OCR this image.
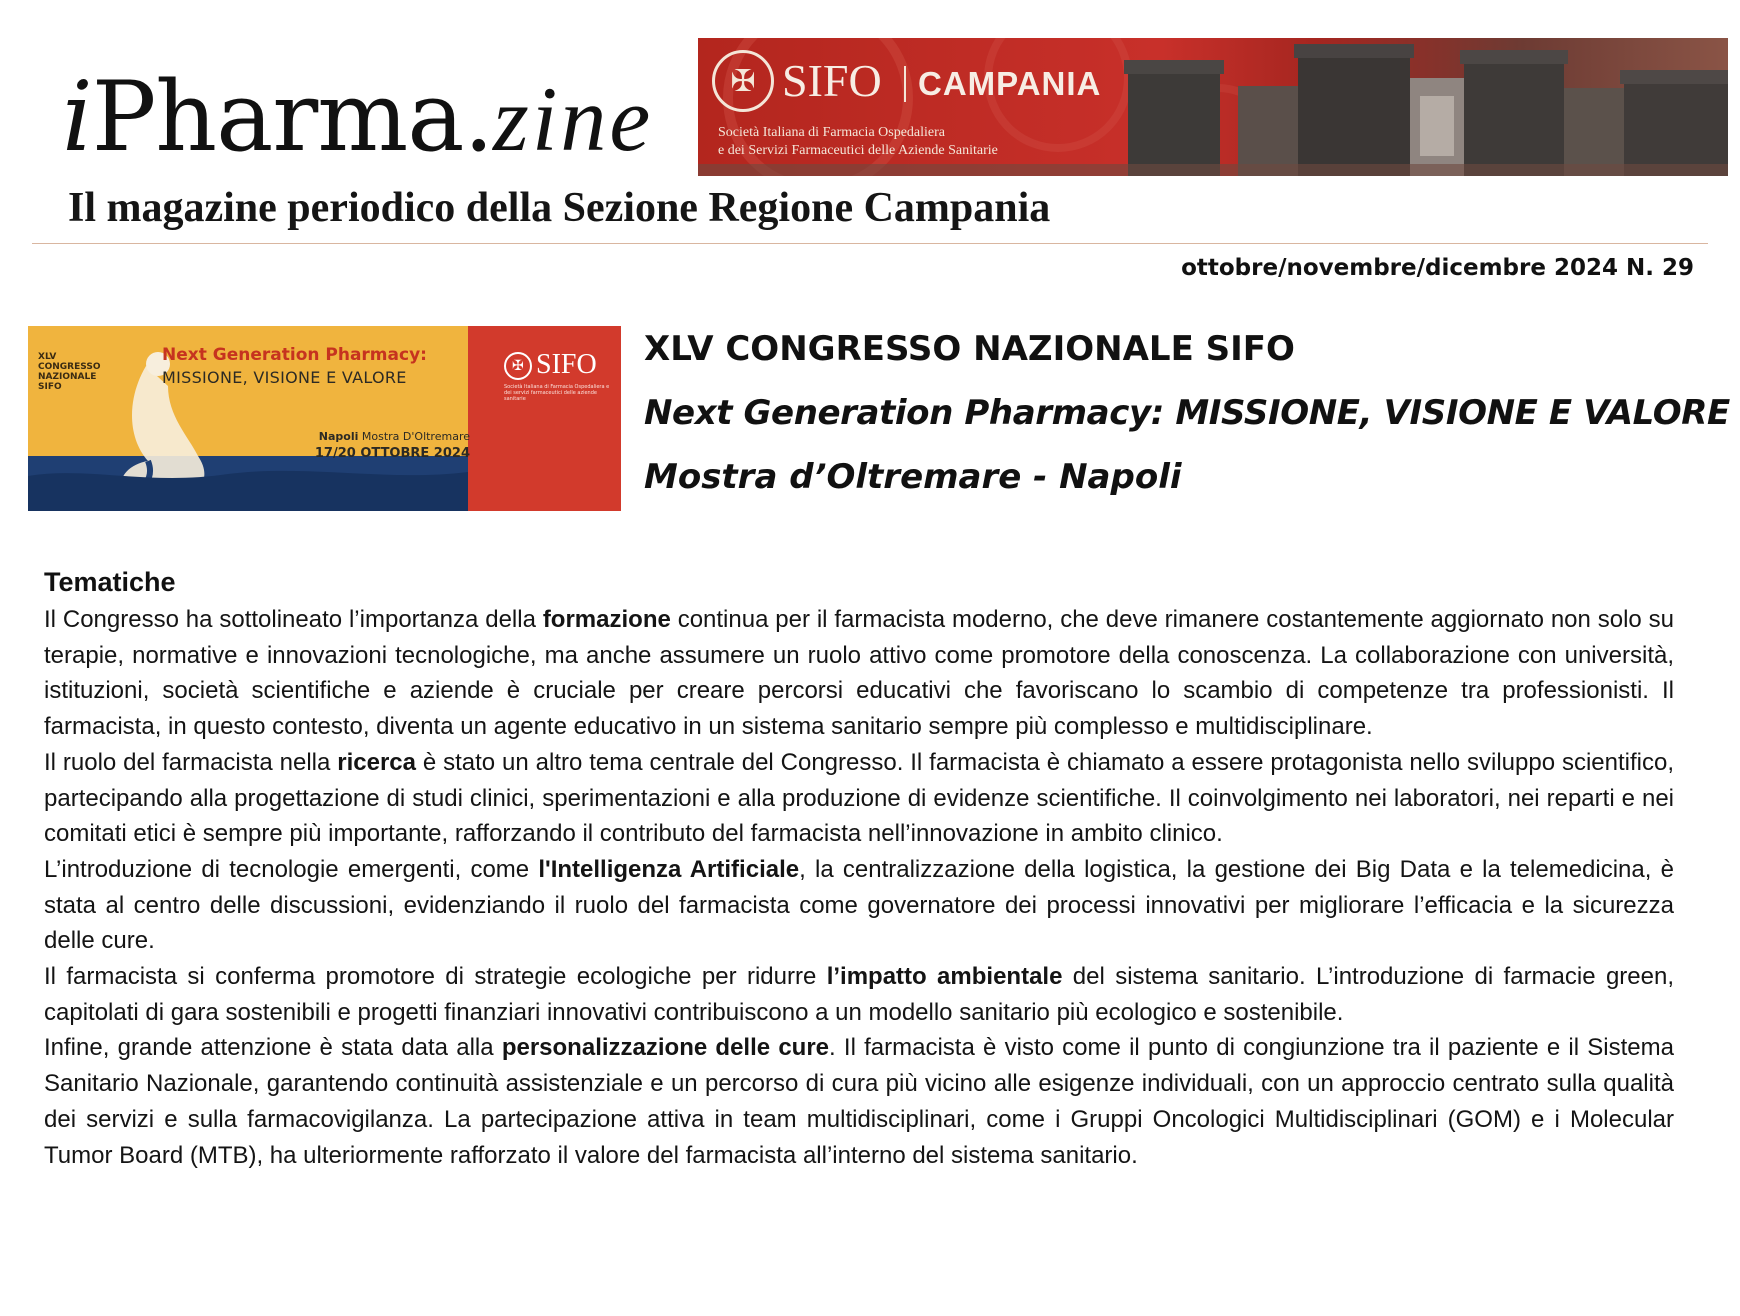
iPharma.zine	✠ SIFO	CAMPANIA
Società Italiana di Farmacia Ospedaliera
e dei Servizi Farmaceutici delle Aziende Sanitarie
Il magazine periodico della Sezione Regione Campania
ottobre/novembre/dicembre 2024 N. 29
XLV CONGRESSO NAZIONALE SIFO
Next Generation Pharmacy:
MISSIONE, VISIONE E VALORE
Napoli Mostra D'Oltremare
17/20 OTTOBRE 2024
✠ SIFO
Società Italiana di Farmacia Ospedaliera e dei servizi farmaceutici delle aziende sanitarie
XLV CONGRESSO NAZIONALE SIFO
Next Generation Pharmacy: MISSIONE, VISIONE E VALORE
Mostra d’Oltremare - Napoli
Tematiche

Il Congresso ha sottolineato l’importanza della formazione continua per il farmacista moderno, che deve rimanere costantemente aggiornato non solo su terapie, normative e innovazioni tecnologiche, ma anche assumere un ruolo attivo come promotore della conoscenza. La collaborazione con università, istituzioni, società scientifiche e aziende è cruciale per creare percorsi educativi che favoriscano lo scambio di competenze tra professionisti. Il farmacista, in questo contesto, diventa un agente educativo in un sistema sanitario sempre più complesso e multidisciplinare.

Il ruolo del farmacista nella ricerca è stato un altro tema centrale del Congresso. Il farmacista è chiamato a essere protagonista nello sviluppo scientifico, partecipando alla progettazione di studi clinici, sperimentazioni e alla produzione di evidenze scientifiche. Il coinvolgimento nei laboratori, nei reparti e nei comitati etici è sempre più importante, rafforzando il contributo del farmacista nell’innovazione in ambito clinico.

L’introduzione di tecnologie emergenti, come l'Intelligenza Artificiale, la centralizzazione della logistica, la gestione dei Big Data e la telemedicina, è stata al centro delle discussioni, evidenziando il ruolo del farmacista come governatore dei processi innovativi per migliorare l’efficacia e la sicurezza delle cure.

Il farmacista si conferma promotore di strategie ecologiche per ridurre l’impatto ambientale del sistema sanitario. L’introduzione di farmacie green, capitolati di gara sostenibili e progetti finanziari innovativi contribuiscono a un modello sanitario più ecologico e sostenibile.

Infine, grande attenzione è stata data alla personalizzazione delle cure. Il farmacista è visto come il punto di congiunzione tra il paziente e il Sistema Sanitario Nazionale, garantendo continuità assistenziale e un percorso di cura più vicino alle esigenze individuali, con un approccio centrato sulla qualità dei servizi e sulla farmacovigilanza. La partecipazione attiva in team multidisciplinari, come i Gruppi Oncologici Multidisciplinari (GOM) e i Molecular Tumor Board (MTB), ha ulteriormente rafforzato il valore del farmacista all’interno del sistema sanitario.
